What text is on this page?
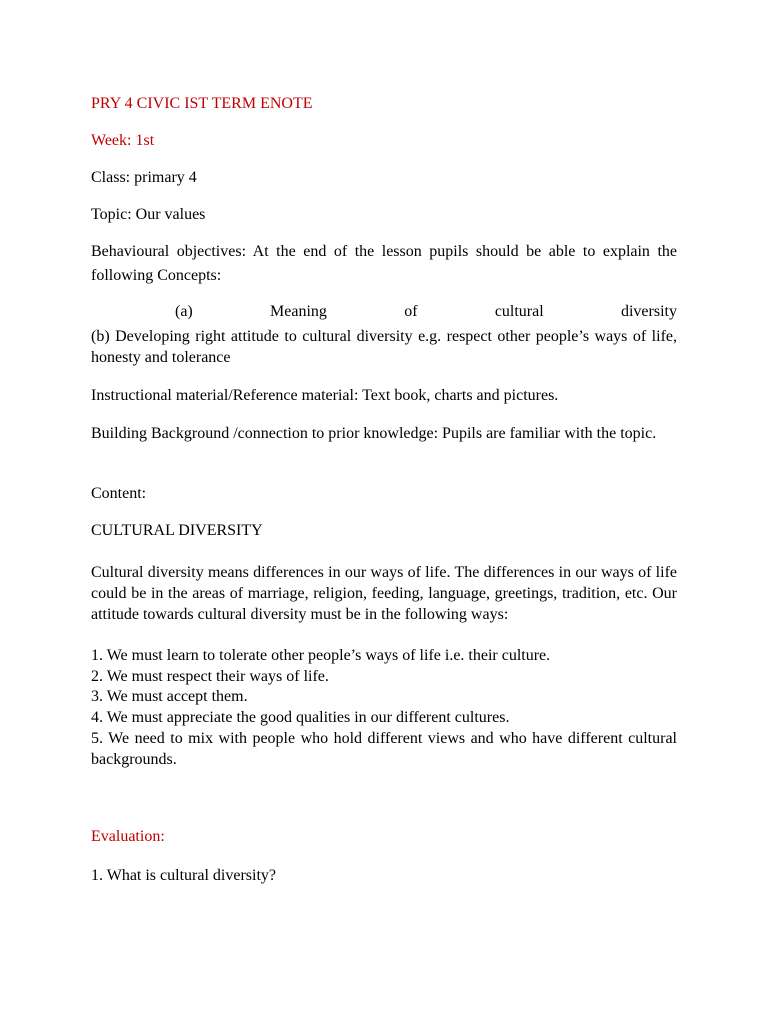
PRY 4 CIVIC IST TERM ENOTE
Week: 1st
Class: primary 4
Topic: Our values
Behavioural objectives: At the end of the lesson pupils should be able to explain the following Concepts:
(a)	Meaning	of	cultural	diversity
(b) Developing right attitude to cultural diversity e.g. respect other people’s ways of life, honesty and tolerance
Instructional material/Reference material: Text book, charts and pictures.
Building Background /connection to prior knowledge: Pupils are familiar with the topic.
Content:
CULTURAL DIVERSITY
Cultural diversity means differences in our ways of life. The differences in our ways of life could be in the areas of marriage, religion, feeding, language, greetings, tradition, etc. Our attitude towards cultural diversity must be in the following ways:
1. We must learn to tolerate other people’s ways of life i.e. their culture.
2. We must respect their ways of life.
3. We must accept them.
4. We must appreciate the good qualities in our different cultures.
5. We need to mix with people who hold different views and who have different cultural backgrounds.
Evaluation:
1. What is cultural diversity?
